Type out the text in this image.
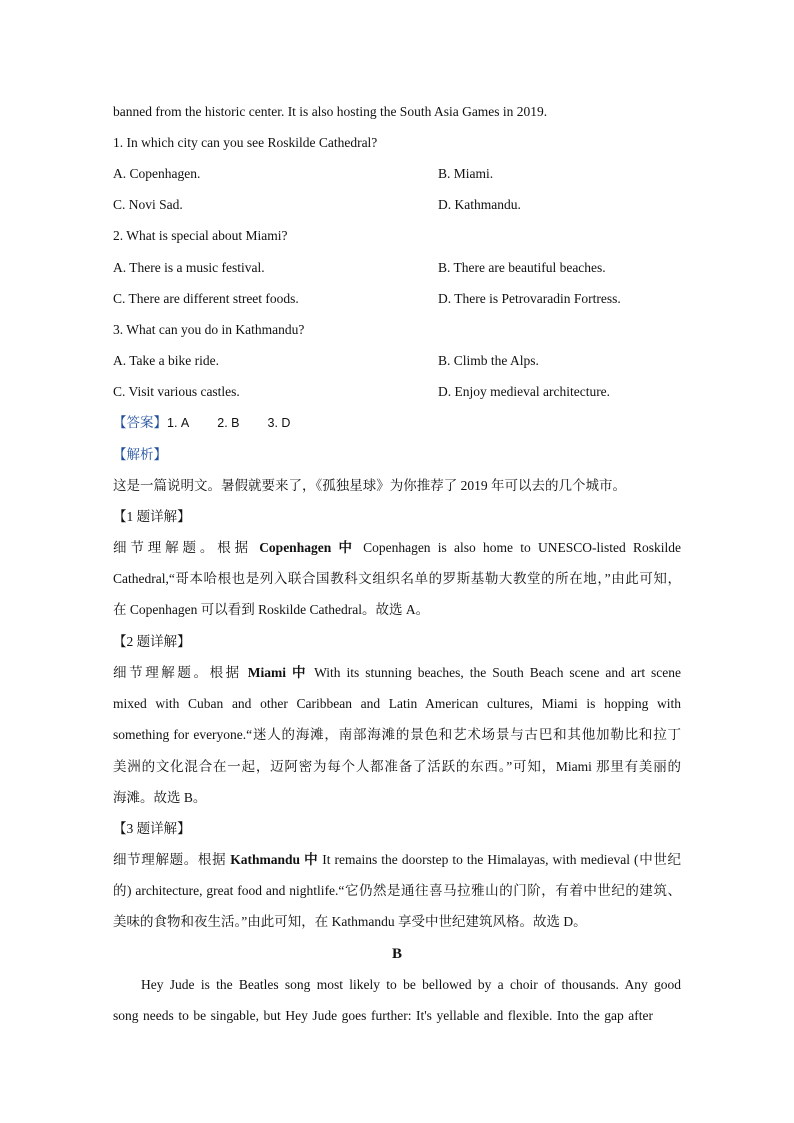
banned from the historic center. It is also hosting the South Asia Games in 2019.
1. In which city can you see Roskilde Cathedral?
A. Copenhagen.	B. Miami.
C. Novi Sad.	D. Kathmandu.
2. What is special about Miami?
A. There is a music festival.	B. There are beautiful beaches.
C. There are different street foods.	D. There is Petrovaradin Fortress.
3. What can you do in Kathmandu?
A. Take a bike ride.	B. Climb the Alps.
C. Visit various castles.	D. Enjoy medieval architecture.
【答案】1. A 2. B 3. D
【解析】
这是一篇说明文。暑假就要来了，《孤独星球》为你推荐了 2019 年可以去的几个城市。
【1 题详解】
细节理解题。根据 Copenhagen 中 Copenhagen is also home to UNESCO-listed Roskilde
Cathedral,“哥本哈根也是列入联合国教科文组织名单的罗斯基勒大教堂的所在地，”由此可知，
在 Copenhagen 可以看到 Roskilde Cathedral。故选 A。
【2 题详解】
细节理解题。根据 Miami 中 With its stunning beaches, the South Beach scene and art scene
mixed with Cuban and other Caribbean and Latin American cultures, Miami is hopping with
something for everyone.“迷人的海滩，南部海滩的景色和艺术场景与古巴和其他加勒比和拉丁
美洲的文化混合在一起，迈阿密为每个人都准备了活跃的东西。”可知，Miami 那里有美丽的
海滩。故选 B。
【3 题详解】
细节理解题。根据 Kathmandu 中 It remains the doorstep to the Himalayas, with medieval (中世纪
的) architecture, great food and nightlife.“它仍然是通往喜马拉雅山的门阶，有着中世纪的建筑、
美味的食物和夜生活。”由此可知，在 Kathmandu 享受中世纪建筑风格。故选 D。
B
Hey Jude is the Beatles song most likely to be bellowed by a choir of thousands. Any good
song needs to be singable, but Hey Jude goes further: It's yellable and flexible. Into the gap after
